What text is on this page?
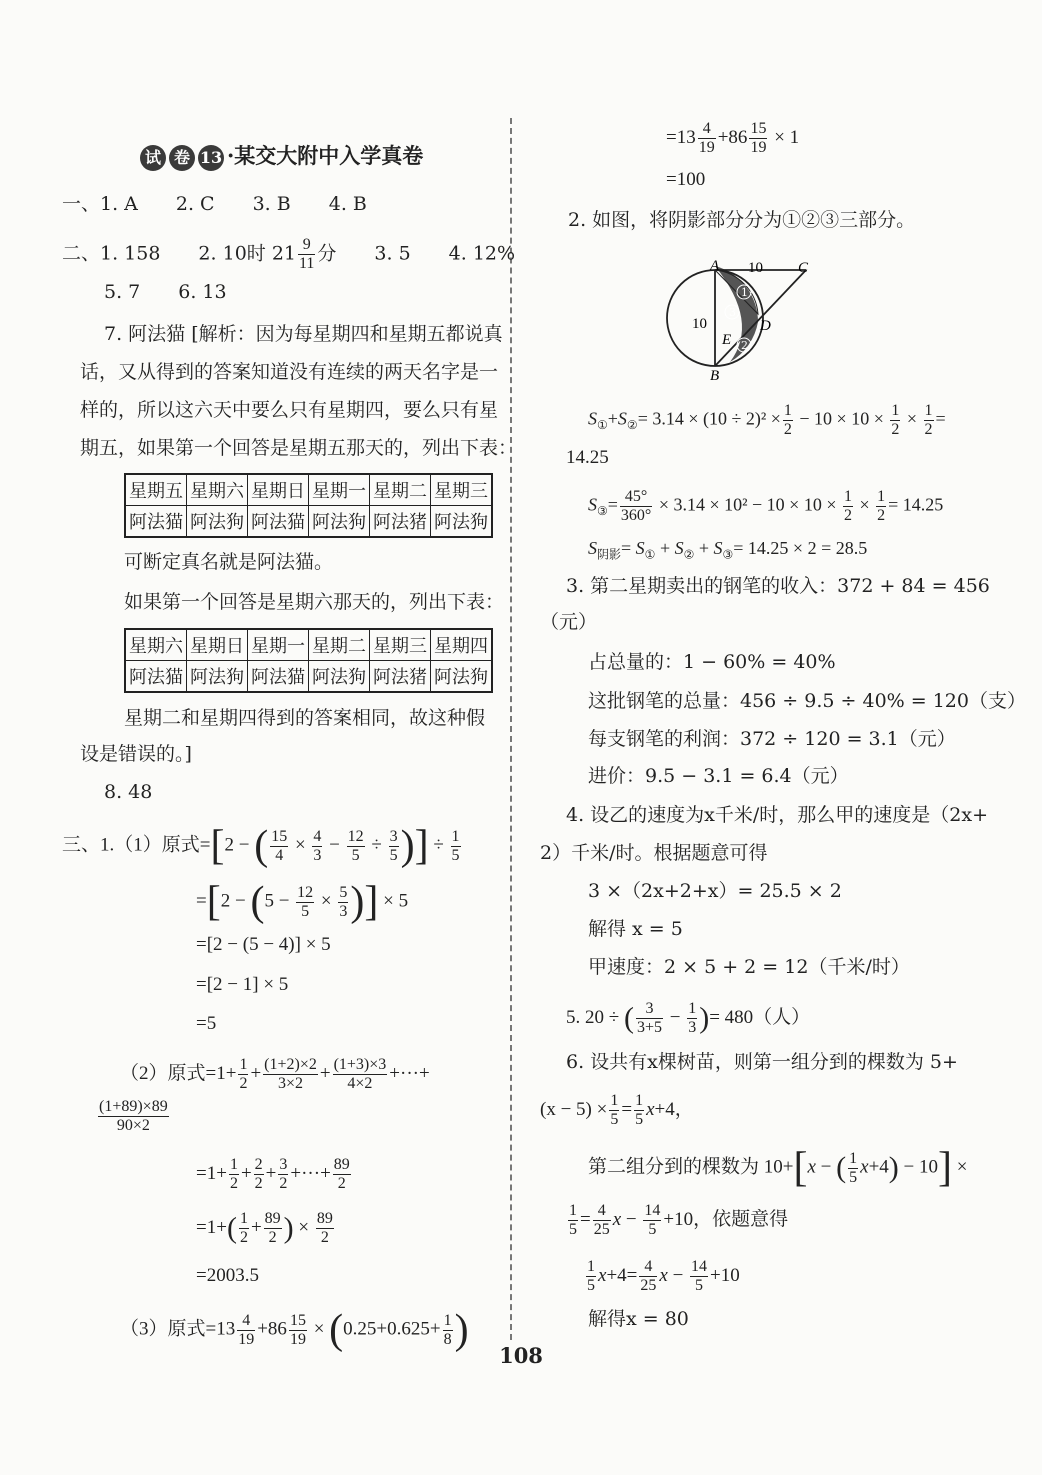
试 卷 13 ·某交大附中入学真卷
一、1. A　　2. C　　3. B　　4. B
二、1. 158　　2. 10时 $21 \frac{9}{11}$ 分　　3. 5　　4. 12%
5. 7　　6. 13
7. 阿法猫 [解析：因为每星期四和星期五都说真
话，又从得到的答案知道没有连续的两天名字是一
样的，所以这六天中要么只有星期四，要么只有星
期五，如果第一个回答是星期五那天的，列出下表：
星期五	星期六	星期日	星期一	星期二	星期三
阿法猫	阿法狗	阿法猫	阿法狗	阿法猪	阿法狗
可断定真名就是阿法猫。
如果第一个回答是星期六那天的，列出下表：
星期六	星期日	星期一	星期二	星期三	星期四
阿法猫	阿法狗	阿法猫	阿法狗	阿法猪	阿法狗
星期二和星期四得到的答案相同，故这种假
设是错误的。]
8. 48
三、1.（1）原式=[2 − ( $\frac{15}{4} \times \frac{4}{3} - \frac{12}{5} \div \frac{3}{5}$ )] ÷ $\frac{1}{5}$
$=[2 - (5 - \frac{12}{5} \times \frac{5}{3}$ )] × 5
=[2 − (5 − 4)] × 5
=[2 − 1] × 5
=5
（2）原式$=1+ \frac{1}{2} + \frac{(1+2)\times 2}{3\times 2} + \frac{(1+3)\times 3}{4\times 2}$ +···+
$\frac{(1+89)\times 89}{90\times 2}$
$=1+ \frac{1}{2} + \frac{2}{2} + \frac{3}{2}$ +···+ $\frac{89}{2}$
$=1+( \frac{1}{2} + \frac{89}{2}$ ) × $\frac{89}{2}$
=2003.5
（3）原式$=13 \frac{4}{19} +86 \frac{15}{19} \times (0.25+0.625+ \frac{1}{8}$ )
$=13 \frac{4}{19} +86 \frac{15}{19} \times 1$
=100
2. 如图，将阴影部分分为①②③三部分。
A 10 C
10	D
E
B
1
3
2
$S_①+S_②= 3.14 \times (10 \div 2)^2 \times \frac{1}{2} - 10 \times 10 \times \frac{1}{2} \times \frac{1}{2}$ =
14.25
$S_③= \frac{45^\circ}{360^\circ} \times 3.14 \times 10^2 - 10 \times 10 \times \frac{1}{2} \times \frac{1}{2} = 14.25$
$S_{阴影}= S_① + S_② + S_③= 14.25 \times 2 = 28.5$
3. 第二星期卖出的钢笔的收入：372 + 84 = 456
（元）
占总量的：1 − 60% = 40%
这批钢笔的总量：456 ÷ 9.5 ÷ 40% = 120（支）
每支钢笔的利润：372 ÷ 120 = 3.1（元）
进价：9.5 − 3.1 = 6.4（元）
4. 设乙的速度为x千米/时，那么甲的速度是（2x+
2）千米/时。根据题意可得
3 ×（2x+2+x）= 25.5 × 2
解得 x = 5
甲速度：2 × 5 + 2 = 12（千米/时）
5. 20 ÷ ( $\frac{3}{3+5} - \frac{1}{3}$ )= 480（人）
6. 设共有x棵树苗，则第一组分到的棵数为 5+
$(x - 5) \times \frac{1}{5} = \frac{1}{5} x+4$，
第二组分到的棵数为 10+[x − ( $\frac{1}{5} x+4) - 10$] ×
$\frac{1}{5} = \frac{4}{25}$ $x - \frac{14}{5} +10$，依题意得
$\frac{1}{5} x+4= \frac{4}{25}$ $x - \frac{14}{5} +10$
解得x = 80
108
